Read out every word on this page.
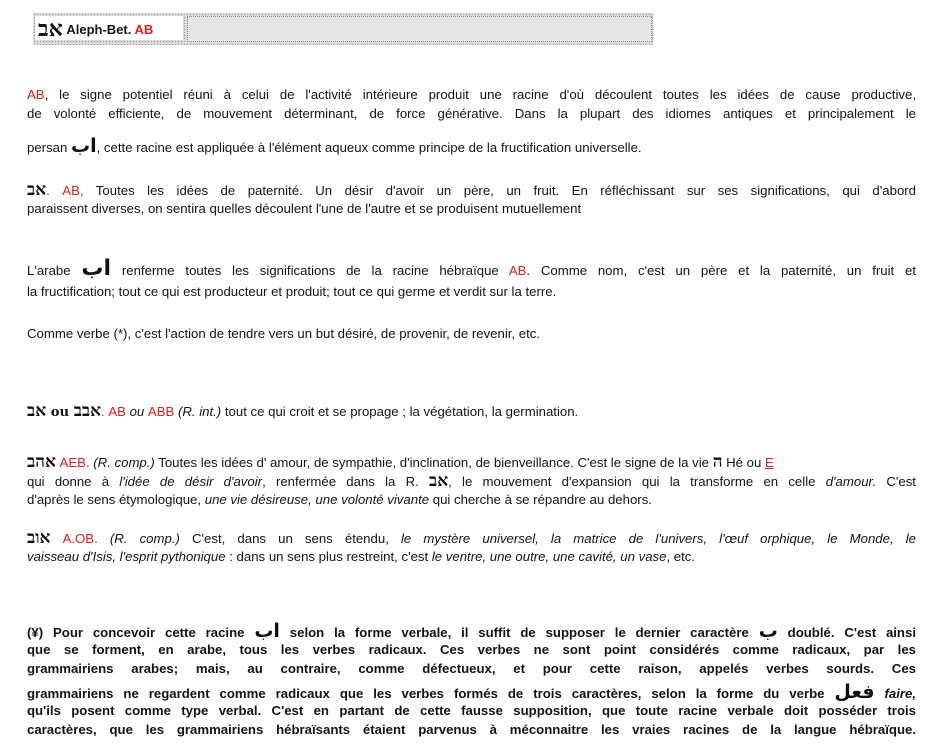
אב Aleph-Bet. AB
AB, le signe potentiel réuni à celui de l'activité intérieure produit une racine d'où découlent toutes les idées de cause productive,
de volonté efficiente, de mouvement déterminant, de force générative. Dans la plupart des idiomes antiques et principalement le
persan اب, cette racine est appliquée à l'élément aqueux comme principe de la fructification universelle.
אב. AB, Toutes les idées de paternité. Un désir d'avoir un père, un fruit. En réfléchissant sur ses significations, qui d'abord
paraissent diverses, on sentira quelles découlent l'une de l'autre et se produisent mutuellement
L'arabe اب renferme toutes les significations de la racine hébraïque AB. Comme nom, c'est un père et la paternité, un fruit et
la fructification; tout ce qui est producteur et produit; tout ce qui germe et verdit sur la terre.
Comme verbe (*), c'est l'action de tendre vers un but désiré, de provenir, de revenir, etc.
אב ou אבב. AB ou ABB (R. int.) tout ce qui croit et se propage ; la végétation, la germination.
אהב AEB. (R. comp.) Toutes les idées d' amour, de sympathie, d'inclination, de bienveillance. C'est le signe de la vie ה Hé ou E
qui donne à l'idée de désir d'avoir, renfermée dans la R. אב, le mouvement d'expansion qui la transforme en celle d'amour. C'est
d'après le sens étymologique, une vie désireuse, une volonté vivante qui cherche à se répandre au dehors.
אוב A.OB. (R. comp.) C'est, dans un sens étendu, le mystère universel, la matrice de l'univers, l'œuf orphique, le Monde, le
vaisseau d'Isis, l'esprit pythonique : dans un sens plus restreint, c'est le ventre, une outre, une cavité, un vase, etc.
(¥) Pour concevoir cette racine اب selon la forme verbale, il suffit de supposer le dernier caractère ب doublé. C'est ainsi
que se forment, en arabe, tous les verbes radicaux. Ces verbes ne sont point considérés comme radicaux, par les
grammairiens arabes; mais, au contraire, comme défectueux, et pour cette raison, appelés verbes sourds. Ces
grammairiens ne regardent comme radicaux que les verbes formés de trois caractères, selon la forme du verbe فعل faire,
qu'ils posent comme type verbal. C'est en partant de cette fausse supposition, que toute racine verbale doit posséder trois
caractères, que les grammairiens hébraïsants étaient parvenus à méconnaitre les vraies racines de la langue hébraïque.
